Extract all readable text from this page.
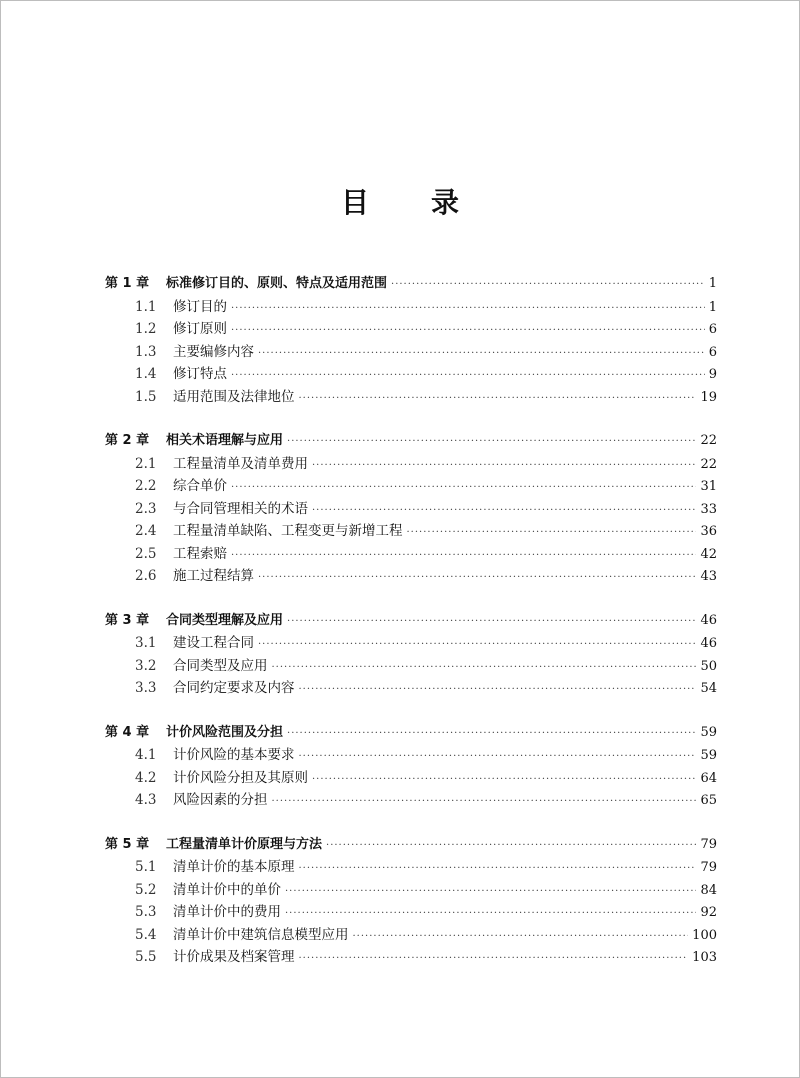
目 录
第 1 章 标准修订目的、原则、特点及适用范围 ·····	1
1.1 修订目的 ·····	1
1.2 修订原则 ·····	6
1.3 主要编修内容 ·····	6
1.4 修订特点 ·····	9
1.5 适用范围及法律地位 ·····	19
第 2 章 相关术语理解与应用 ·····	22
2.1 工程量清单及清单费用 ·····	22
2.2 综合单价 ·····	31
2.3 与合同管理相关的术语 ·····	33
2.4 工程量清单缺陷、工程变更与新增工程 ·····	36
2.5 工程索赔 ·····	42
2.6 施工过程结算 ·····	43
第 3 章 合同类型理解及应用 ·····	46
3.1 建设工程合同 ·····	46
3.2 合同类型及应用 ·····	50
3.3 合同约定要求及内容 ·····	54
第 4 章 计价风险范围及分担 ·····	59
4.1 计价风险的基本要求 ·····	59
4.2 计价风险分担及其原则 ·····	64
4.3 风险因素的分担 ·····	65
第 5 章 工程量清单计价原理与方法 ·····	79
5.1 清单计价的基本原理 ·····	79
5.2 清单计价中的单价 ·····	84
5.3 清单计价中的费用 ·····	92
5.4 清单计价中建筑信息模型应用 ·····	100
5.5 计价成果及档案管理 ·····	103
